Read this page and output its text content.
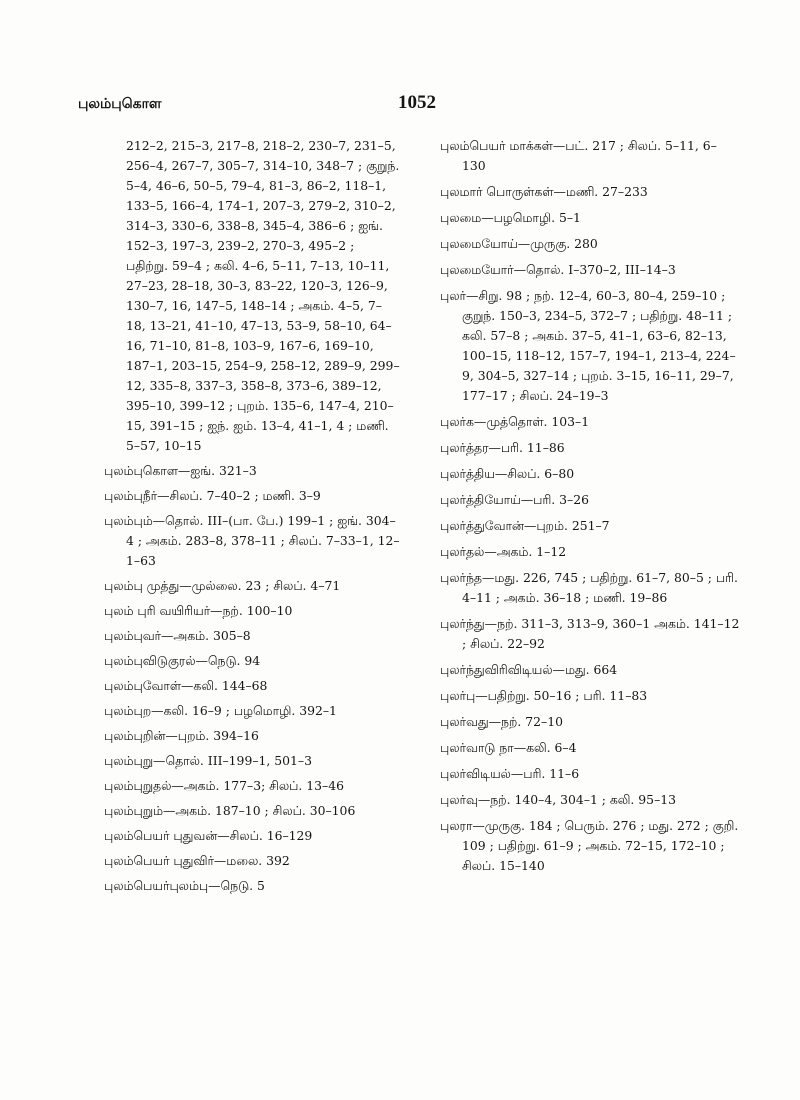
புலம்புகொள	1052

212–2, 215–3, 217–8, 218–2, 230–7, 231–5, 256–4, 267–7, 305–7, 314–10, 348–7 ; குறுந். 5–4, 46–6, 50–5, 79–4, 81–3, 86–2, 118–1, 133–5, 166–4, 174–1, 207–3, 279–2, 310–2, 314–3, 330–6, 338–8, 345–4, 386–6 ; ஐங். 152–3, 197–3, 239–2, 270–3, 495–2 ; பதிற்று. 59–4 ; கலி. 4–6, 5–11, 7–13, 10–11, 27–23, 28–18, 30–3, 83–22, 120–3, 126–9, 130–7, 16, 147–5, 148–14 ; அகம். 4–5, 7–18, 13–21, 41–10, 47–13, 53–9, 58–10, 64–16, 71–10, 81–8, 103–9, 167–6, 169–10, 187–1, 203–15, 254–9, 258–12, 289–9, 299–12, 335–8, 337–3, 358–8, 373–6, 389–12, 395–10, 399–12 ; புறம். 135–6, 147–4, 210–15, 391–15 ; ஐந். ஐம். 13–4, 41–1, 4 ; மணி. 5–57, 10–15

புலம்புகொள—ஐங். 321–3

புலம்புநீர்—சிலப். 7–40–2 ; மணி. 3–9

புலம்பும்—தொல். III–(பா. பே.) 199–1 ; ஐங். 304–4 ; அகம். 283–8, 378–11 ; சிலப். 7–33–1, 12–1–63

புலம்பு முத்து—முல்லை. 23 ; சிலப். 4–71

புலம் புரி வயிரியர்—நற். 100–10

புலம்புவர்—அகம். 305–8

புலம்புவிடுகுரல்—நெடு. 94

புலம்புவோள்—கலி. 144–68

புலம்புற—கலி. 16–9 ; பழமொழி. 392–1

புலம்புறின்—புறம். 394–16

புலம்புறு—தொல். III–199–1, 501–3

புலம்புறுதல்—அகம். 177–3; சிலப். 13–46

புலம்புறும்—அகம். 187–10 ; சிலப். 30–106

புலம்பெயர் புதுவன்—சிலப். 16–129

புலம்பெயர் புதுவிர்—மலை. 392

புலம்பெயர்புலம்பு—நெடு. 5

புலம்பெயர் மாக்கள்—பட். 217 ; சிலப். 5–11, 6–130

புலமார் பொருள்கள்—மணி. 27–233

புலமை—பழமொழி. 5–1

புலமையோய்—முருகு. 280

புலமையோர்—தொல். I–370–2, III–14–3

புலர்—சிறு. 98 ; நற். 12–4, 60–3, 80–4, 259–10 ; குறுந். 150–3, 234–5, 372–7 ; பதிற்று. 48–11 ; கலி. 57–8 ; அகம். 37–5, 41–1, 63–6, 82–13, 100–15, 118–12, 157–7, 194–1, 213–4, 224–9, 304–5, 327–14 ; புறம். 3–15, 16–11, 29–7, 177–17 ; சிலப். 24–19–3

புலர்க—முத்தொள். 103–1

புலர்த்தர—பரி. 11–86

புலர்த்திய—சிலப். 6–80

புலர்த்தியோய்—பரி. 3–26

புலர்த்துவோன்—புறம். 251–7

புலர்தல்—அகம். 1–12

புலர்ந்த—மது. 226, 745 ; பதிற்று. 61–7, 80–5 ; பரி. 4–11 ; அகம். 36–18 ; மணி. 19–86

புலர்ந்து—நற். 311–3, 313–9, 360–1 அகம். 141–12 ; சிலப். 22–92

புலர்ந்துவிரிவிடியல்—மது. 664

புலர்பு—பதிற்று. 50–16 ; பரி. 11–83

புலர்வது—நற். 72–10

புலர்வாடு நா—கலி. 6–4

புலர்விடியல்—பரி. 11–6

புலர்வு—நற். 140–4, 304–1 ; கலி. 95–13

புலரா—முருகு. 184 ; பெரும். 276 ; மது. 272 ; குறி. 109 ; பதிற்று. 61–9 ; அகம். 72–15, 172–10 ; சிலப். 15–140
